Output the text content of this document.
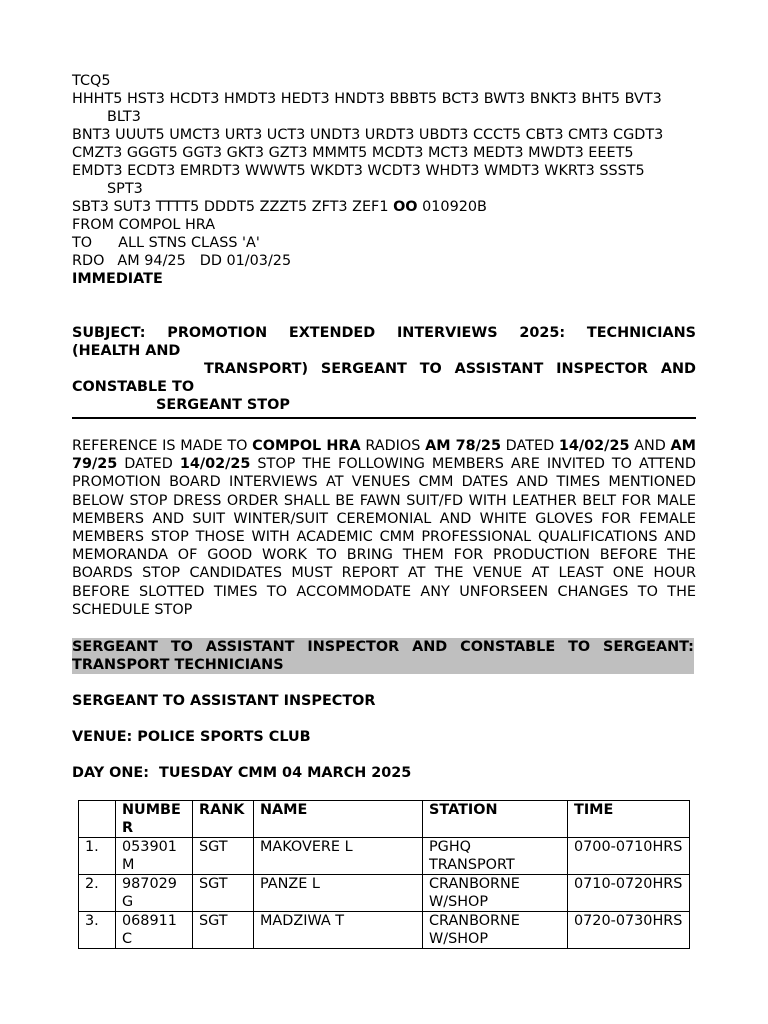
TCQ5
HHHT5 HST3 HCDT3 HMDT3 HEDT3 HNDT3 BBBT5 BCT3 BWT3 BNKT3 BHT5 BVT3
BLT3
BNT3 UUUT5 UMCT3 URT3 UCT3 UNDT3 URDT3 UBDT3 CCCT5 CBT3 CMT3 CGDT3
CMZT3 GGGT5 GGT3 GKT3 GZT3 MMMT5 MCDT3 MCT3 MEDT3 MWDT3 EEET5
EMDT3 ECDT3 EMRDT3 WWWT5 WKDT3 WCDT3 WHDT3 WMDT3 WKRT3 SSST5
SPT3
SBT3 SUT3 TTTT5 DDDT5 ZZZT5 ZFT3 ZEF1 OO 010920B
FROM COMPOL HRA
TO ALL STNS CLASS 'A'
RDO AM 94/25 DD 01/03/25
IMMEDIATE
SUBJECT: PROMOTION EXTENDED INTERVIEWS 2025: TECHNICIANS
(HEALTH AND
TRANSPORT) SERGEANT TO ASSISTANT INSPECTOR AND
CONSTABLE TO
SERGEANT STOP
REFERENCE IS MADE TO COMPOL HRA RADIOS AM 78/25 DATED 14/02/25 AND AM 79/25 DATED 14/02/25 STOP THE FOLLOWING MEMBERS ARE INVITED TO ATTEND PROMOTION BOARD INTERVIEWS AT VENUES CMM DATES AND TIMES MENTIONED BELOW STOP DRESS ORDER SHALL BE FAWN SUIT/FD WITH LEATHER BELT FOR MALE MEMBERS AND SUIT WINTER/SUIT CEREMONIAL AND WHITE GLOVES FOR FEMALE MEMBERS STOP THOSE WITH ACADEMIC CMM PROFESSIONAL QUALIFICATIONS AND MEMORANDA OF GOOD WORK TO BRING THEM FOR PRODUCTION BEFORE THE BOARDS STOP CANDIDATES MUST REPORT AT THE VENUE AT LEAST ONE HOUR BEFORE SLOTTED TIMES TO ACCOMMODATE ANY UNFORSEEN CHANGES TO THE SCHEDULE STOP
SERGEANT TO ASSISTANT INSPECTOR AND CONSTABLE TO SERGEANT:
TRANSPORT TECHNICIANS
SERGEANT TO ASSISTANT INSPECTOR
VENUE: POLICE SPORTS CLUB
DAY ONE:  TUESDAY CMM 04 MARCH 2025
	NUMBER	RANK	NAME	STATION	TIME
1.	053901M	SGT	MAKOVERE L	PGHQ TRANSPORT	0700-0710HRS
2.	987029G	SGT	PANZE L	CRANBORNE W/SHOP	0710-0720HRS
3.	068911C	SGT	MADZIWA T	CRANBORNE W/SHOP	0720-0730HRS
